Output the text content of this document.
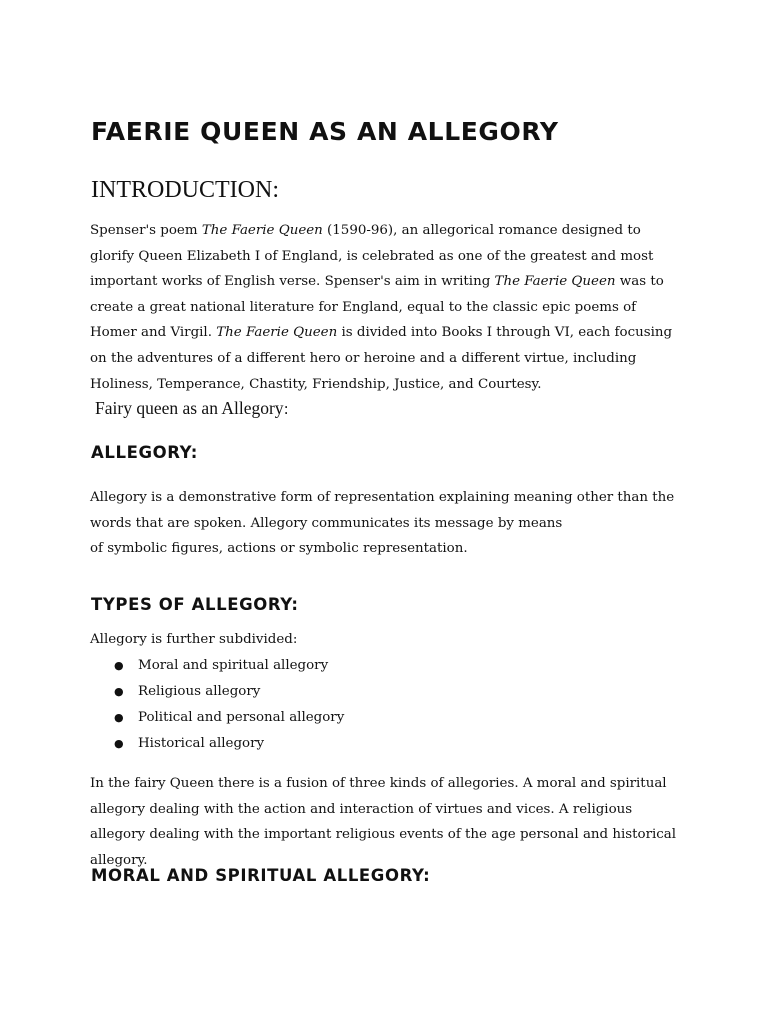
FAERIE QUEEN AS AN ALLEGORY
INTRODUCTION:

Spenser's poem The Faerie Queen (1590-96), an allegorical romance designed to glorify Queen Elizabeth I of England, is celebrated as one of the greatest and most important works of English verse. Spenser's aim in writing The Faerie Queen was to create a great national literature for England, equal to the classic epic poems of Homer and Virgil. The Faerie Queen is divided into Books I through VI, each focusing on the adventures of a different hero or heroine and a different virtue, including Holiness, Temperance, Chastity, Friendship, Justice, and Courtesy.

Fairy queen as an Allegory:

ALLEGORY:

Allegory is a demonstrative form of representation explaining meaning other than the
words that are spoken. Allegory communicates its message by means
of symbolic figures, actions or symbolic representation.

TYPES OF ALLEGORY:

Allegory is further subdivided:

● Moral and spiritual allegory
● Religious allegory
● Political and personal allegory
● Historical allegory

In the fairy Queen there is a fusion of three kinds of allegories. A moral and spiritual allegory dealing with the action and interaction of virtues and vices. A religious allegory dealing with the important religious events of the age personal and historical allegory.

MORAL AND SPIRITUAL ALLEGORY:
